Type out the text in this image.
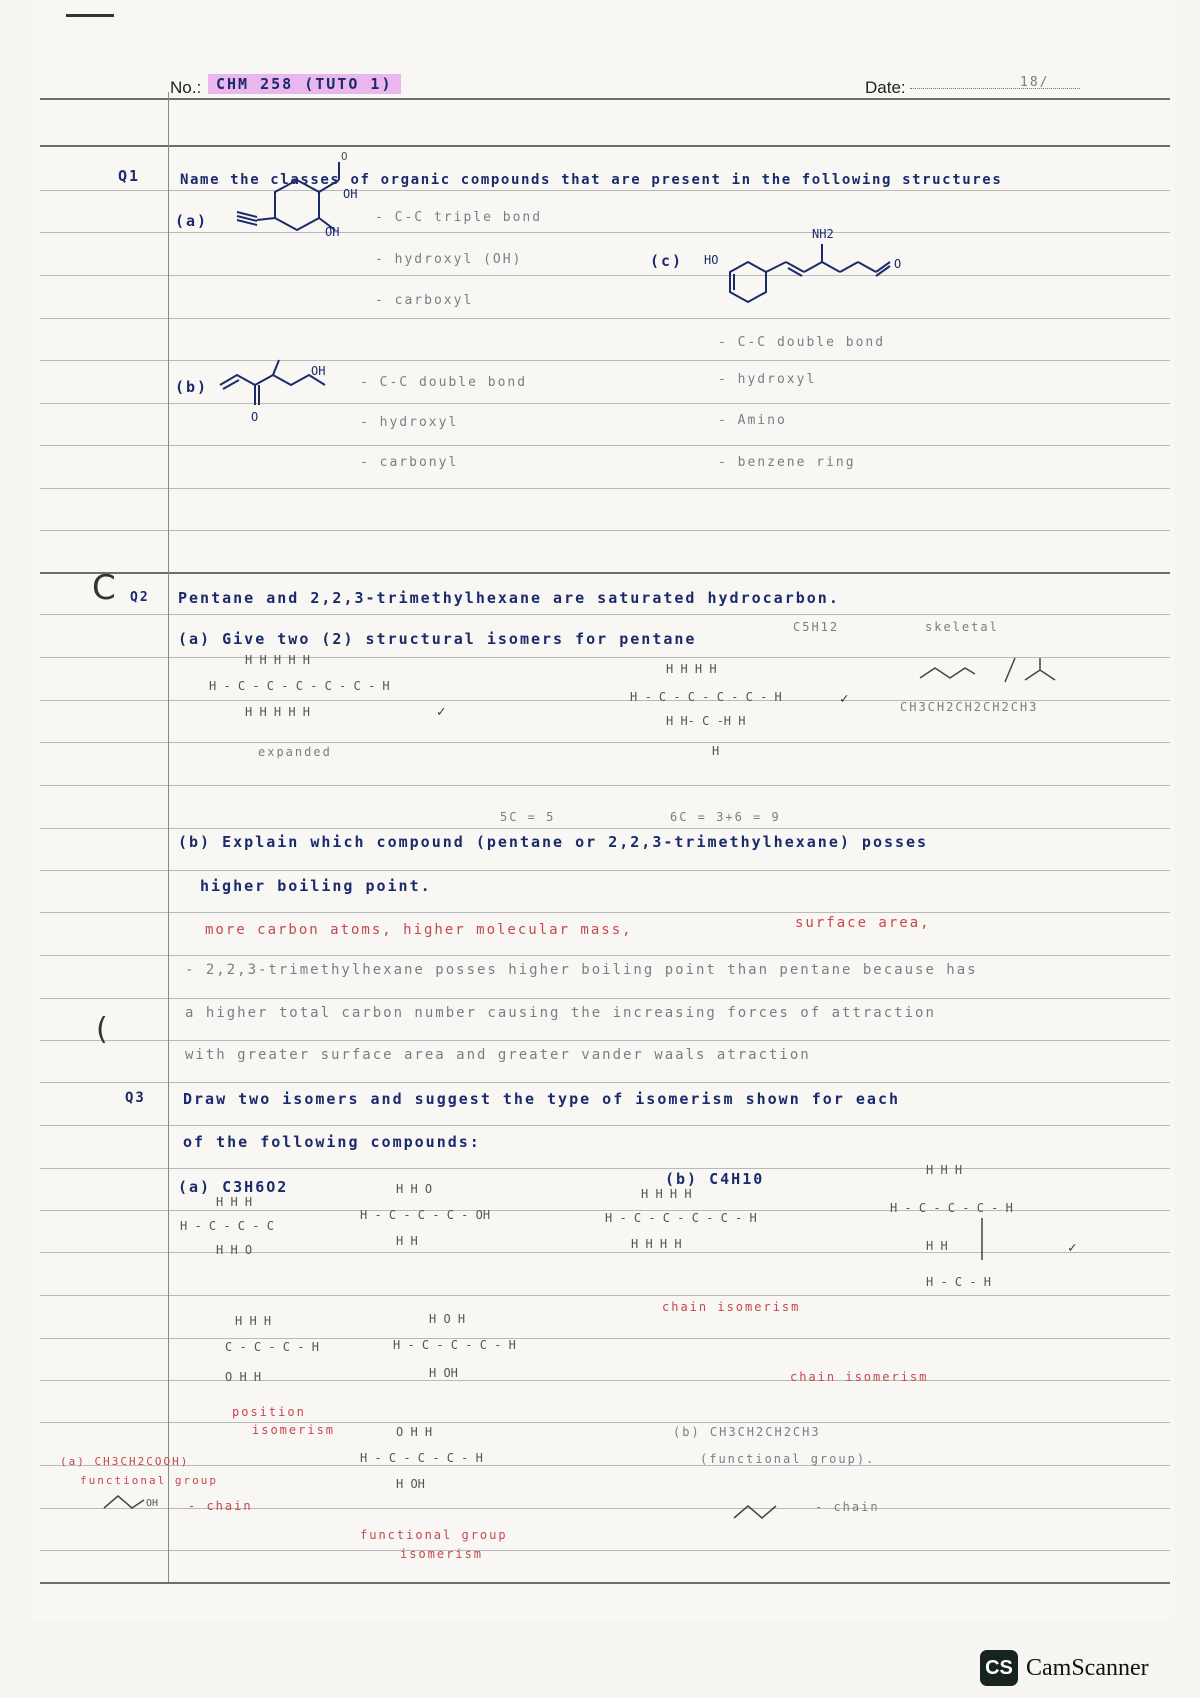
No.: CHM 258 (TUTO 1)	Date:	18/
Q1	Name the classes of organic compounds that are present in the following structures
(a)
OH
OH
O
- C-C triple bond
- hydroxyl (OH)
- carboxyl
(b)
OH
O
- C-C double bond
- hydroxyl
- carbonyl
(c) HO
NH2
O
- C-C double bond
- hydroxyl
- Amino
- benzene ring
C Q2 Pentane and 2,2,3-trimethylhexane are saturated hydrocarbon.
(a) Give two (2) structural isomers for pentane
C5H12	skeletal
H - C - C - C - C - C - H
H H H H H
H H H H H	✓
expanded
H - C - C - C - C - H
H H H H
H H- C -H H
H
✓	CH3CH2CH2CH2CH3
5C = 5	6C = 3+6 = 9
(b) Explain which compound (pentane or 2,2,3-trimethylhexane) posses
higher boiling point.
more carbon atoms, higher molecular mass,	surface area,
- 2,2,3-trimethylhexane posses higher boiling point than pentane because has
a higher total carbon number causing the increasing forces of attraction
with greater surface area and greater vander waals atraction
(
Q3 Draw two isomers and suggest the type of isomerism shown for each
of the following compounds:
(a) C3H6O2
H - C - C - C
H H H
H H O
H - C - C - C - OH
H H O
H H
C - C - C - H
H H H
O H H
H - C - C - C - H
H O H
H OH
position
isomerism
(a) CH3CH2COOH)
functional group
OH - chain
H - C - C - C - H
O H H
H OH
functional group
isomerism
(b) C4H10
H - C - C - C - C - H
H H H H
H H H H
chain isomerism
H - C - C - C - H
H H H
H H
H - C - H
✓
chain isomerism
(b) CH3CH2CH2CH3
(functional group).
- chain
CS CamScanner
